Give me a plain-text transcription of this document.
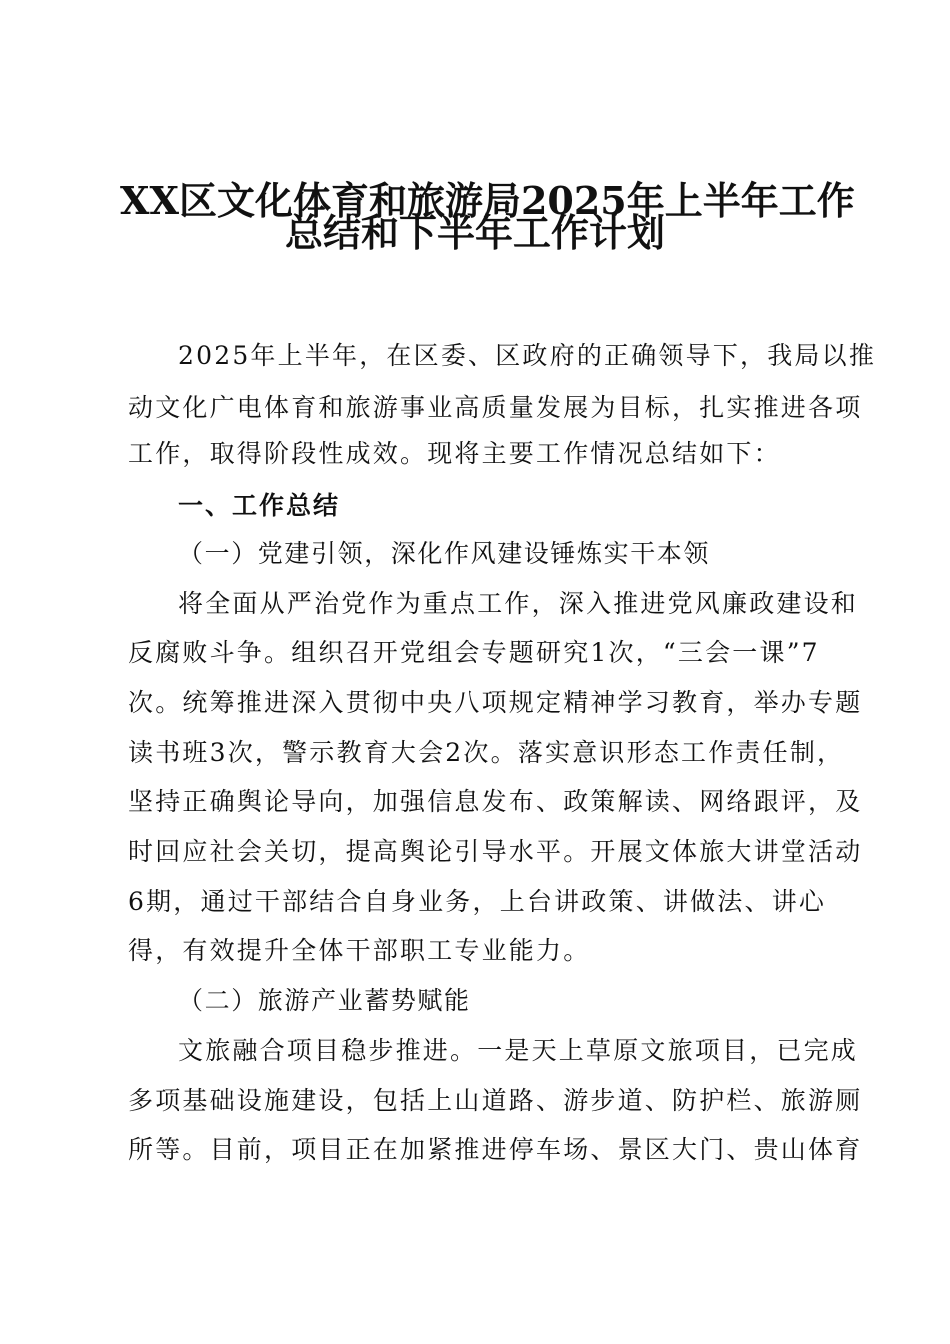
XX区文化体育和旅游局2025年上半年工作
总结和下半年工作计划
2025年上半年，在区委、区政府的正确领导下，我局以推
动文化广电体育和旅游事业高质量发展为目标，扎实推进各项
工作，取得阶段性成效。现将主要工作情况总结如下：
一、工作总结
（一）党建引领，深化作风建设锤炼实干本领
将全面从严治党作为重点工作，深入推进党风廉政建设和
反腐败斗争。组织召开党组会专题研究1次，“三会一课”7
次。统筹推进深入贯彻中央八项规定精神学习教育，举办专题
读书班3次，警示教育大会2次。落实意识形态工作责任制，
坚持正确舆论导向，加强信息发布、政策解读、网络跟评，及
时回应社会关切，提高舆论引导水平。开展文体旅大讲堂活动
6期，通过干部结合自身业务，上台讲政策、讲做法、讲心
得，有效提升全体干部职工专业能力。
（二）旅游产业蓄势赋能
文旅融合项目稳步推进。一是天上草原文旅项目，已完成
多项基础设施建设，包括上山道路、游步道、防护栏、旅游厕
所等。目前，项目正在加紧推进停车场、景区大门、贵山体育
